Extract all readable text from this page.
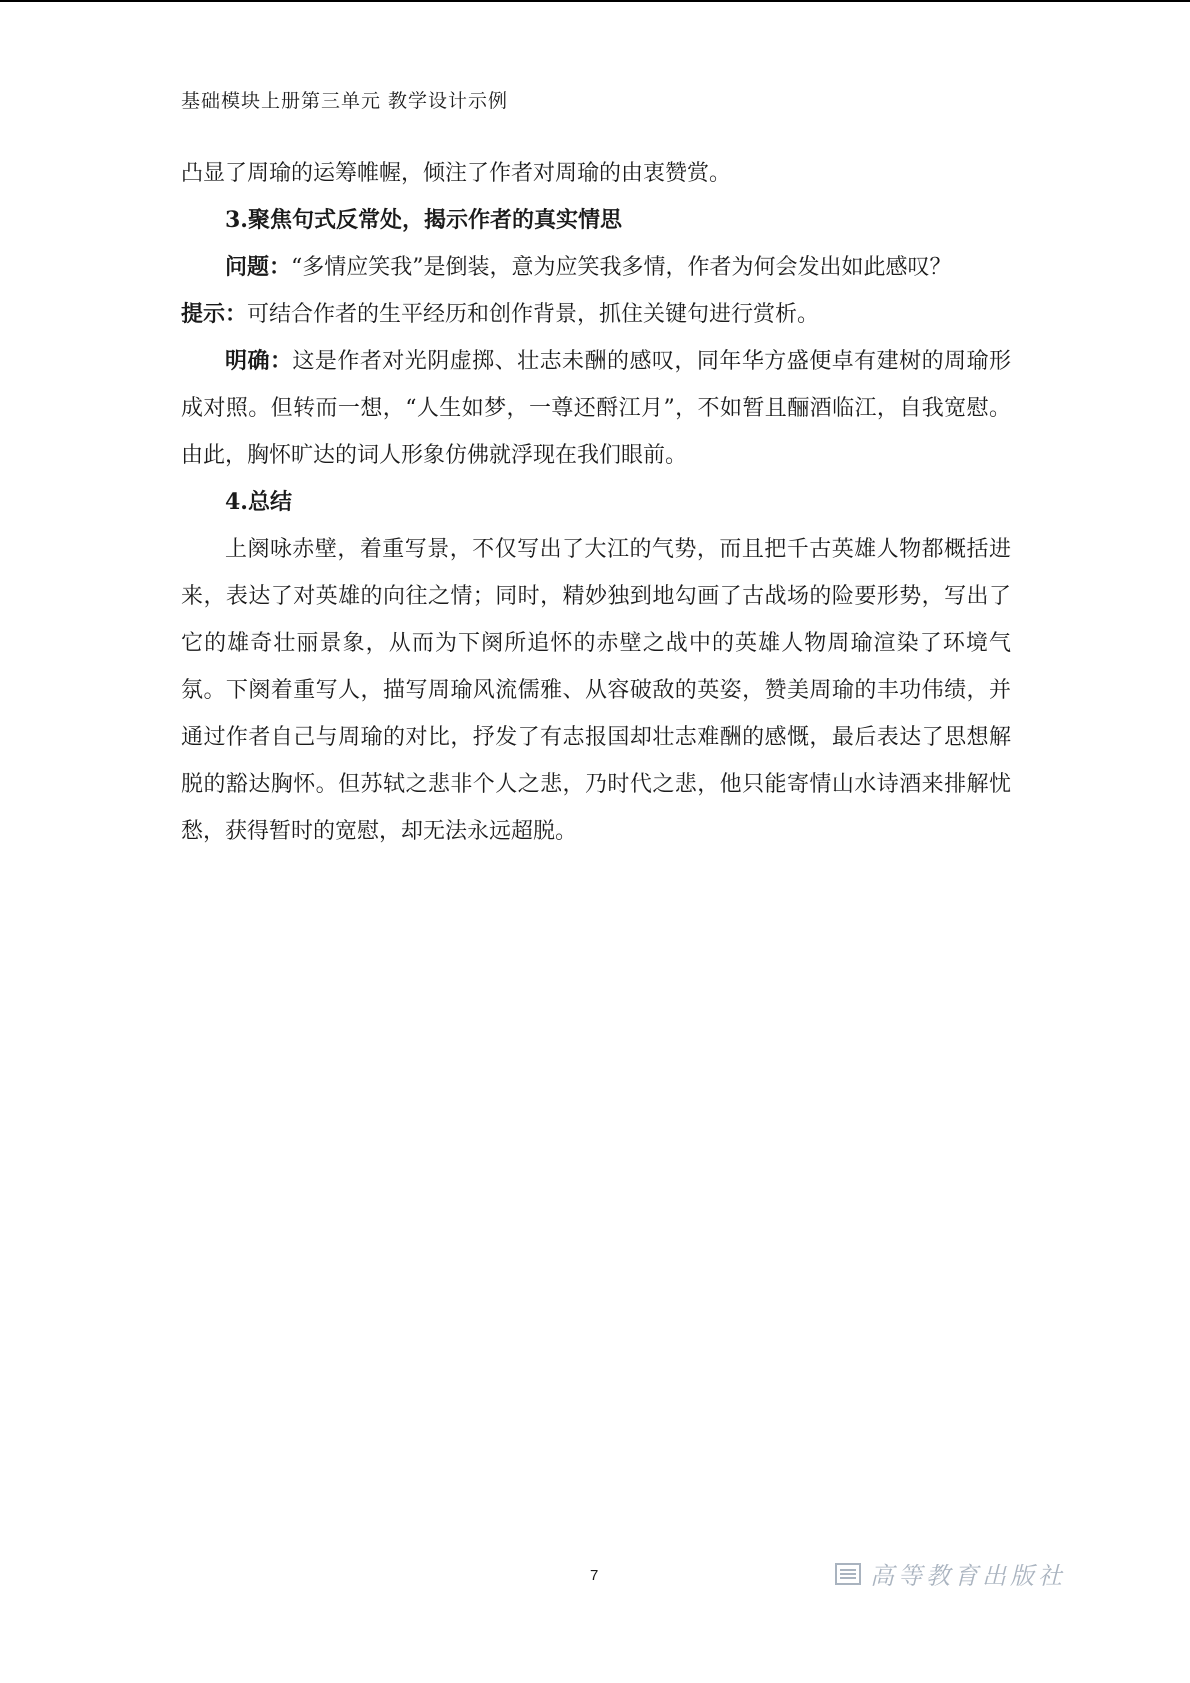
基础模块上册第三单元 教学设计示例

凸显了周瑜的运筹帷幄，倾注了作者对周瑜的由衷赞赏。

3.聚焦句式反常处，揭示作者的真实情思

问题：“多情应笑我”是倒装，意为应笑我多情，作者为何会发出如此感叹？

提示：可结合作者的生平经历和创作背景，抓住关键句进行赏析。

明确：这是作者对光阴虚掷、壮志未酬的感叹，同年华方盛便卓有建树的周瑜形成对照。但转而一想，“人生如梦，一尊还酹江月”，不如暂且酾酒临江，自我宽慰。由此，胸怀旷达的词人形象仿佛就浮现在我们眼前。

4.总结

上阕咏赤壁，着重写景，不仅写出了大江的气势，而且把千古英雄人物都概括进来，表达了对英雄的向往之情；同时，精妙独到地勾画了古战场的险要形势，写出了它的雄奇壮丽景象，从而为下阕所追怀的赤壁之战中的英雄人物周瑜渲染了环境气氛。下阕着重写人，描写周瑜风流儒雅、从容破敌的英姿，赞美周瑜的丰功伟绩，并通过作者自己与周瑜的对比，抒发了有志报国却壮志难酬的感慨，最后表达了思想解脱的豁达胸怀。但苏轼之悲非个人之悲，乃时代之悲，他只能寄情山水诗酒来排解忧愁，获得暂时的宽慰，却无法永远超脱。

7	高等教育出版社
